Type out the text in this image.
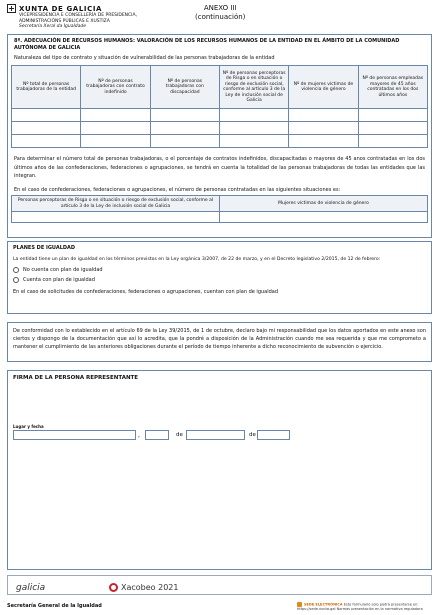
XUNTA DE GALICIA
VICEPRESIDENCIA E CONSELLERÍA DE PRESIDENCIA,
ADMINISTRACIÓNS PÚBLICAS E XUSTIZA
Secretaría Xeral da Igualdade
ANEXO III
(continuación)
8º. ADECUACIÓN DE RECURSOS HUMANOS: VALORACIÓN DE LOS RECURSOS HUMANOS DE LA ENTIDAD EN EL ÁMBITO DE LA COMUNIDAD AUTÓNOMA DE GALICIA
Naturaleza del tipo de contrato y situación de vulnerabilidad de las personas trabajadoras de la entidad
Nº total de personas trabajadoras de la entidad	Nº de personas trabajadoras con contrato indefinido	Nº de personas trabajadoras con discapacidad	Nº de personas perceptoras de Risga o en situación o riesgo de exclusión social, conforme al artículo 3 de la Ley de inclusión social de Galicia	Nº de mujeres víctimas de violencia de género	Nº de personas empleadas mayores de 45 años contratadas en los dos últimos años

Para determinar el número total de personas trabajadoras, o el porcentaje de contratos indefinidos, discapacitadas o mayores de 45 anos contratadas en los dos últimos años de las confederaciones, federaciones o agrupaciones, se tendrá en cuenta la totalidad de las personas trabajadoras de todas las entidades que las integran.
En el caso de confederaciones, federaciones o agrupaciones, el número de personas contratadas en las siguientes situaciones es:
Personas perceptoras de Risga o en situación o riesgo de exclusión social, conforme al artículo 3 de la Ley de inclusión social de Galicia	Mujeres víctimas de violencia de género

PLANES DE IGUALDAD
La entidad tiene un plan de igualdad en los términos previstos en la Ley orgánica 3/2007, de 22 de marzo, y en el Decreto legislativo 2/2015, de 12 de febrero:
No cuenta con plan de igualdad
Cuenta con plan de igualdad
En el caso de solicitudes de confederaciones, federaciones o agrupaciones, cuentan con plan de igualdad
De conformidad con lo establecido en el artículo 69 de la Ley 39/2015, de 1 de octubre, declaro bajo mi responsabilidad que los datos aportados en este anexo son ciertos y dispongo de la documentación que así lo acredita, que la pondré a disposición de la Administración cuando me sea requerida y que me comprometo a mantener el cumplimiento de las anteriores obligaciones durante el período de tiempo inherente a dicho reconocimiento de subvención o ejercicio.
FIRMA DE LA PERSONA REPRESENTANTE
Lugar y fecha
,	de	de
galicia	Xacobeo 2021
Secretaría General de la Igualdad	SEDE ELECTRÓNICA Este formulario solo podrá presentarse en: https://sede.xunta.gal Normas presentación en la normativa reguladora
